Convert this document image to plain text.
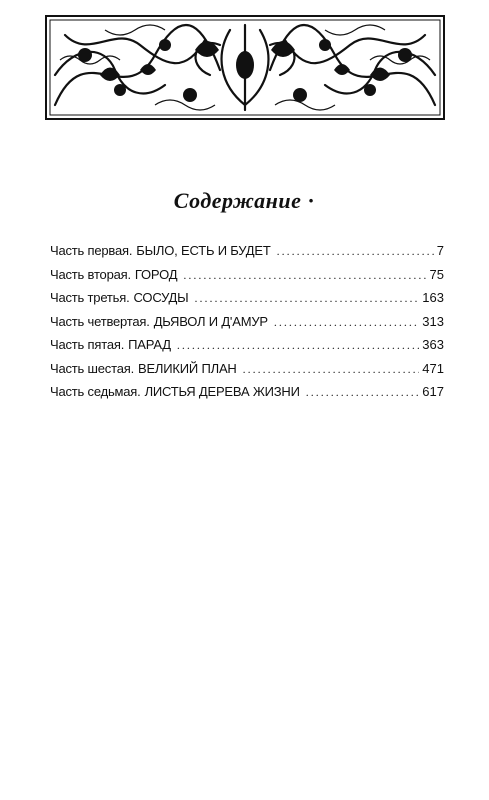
Содержание ·
Часть первая. БЫЛО, ЕСТЬ И БУДЕТ .....	7
Часть вторая. ГОРОД .....	75
Часть третья. СОСУДЫ .....	163
Часть четвертая. ДЬЯВОЛ И Д'АМУР .....	313
Часть пятая. ПАРАД .....	363
Часть шестая. ВЕЛИКИЙ ПЛАН .....	471
Часть седьмая. ЛИСТЬЯ ДЕРЕВА ЖИЗНИ .....	617
